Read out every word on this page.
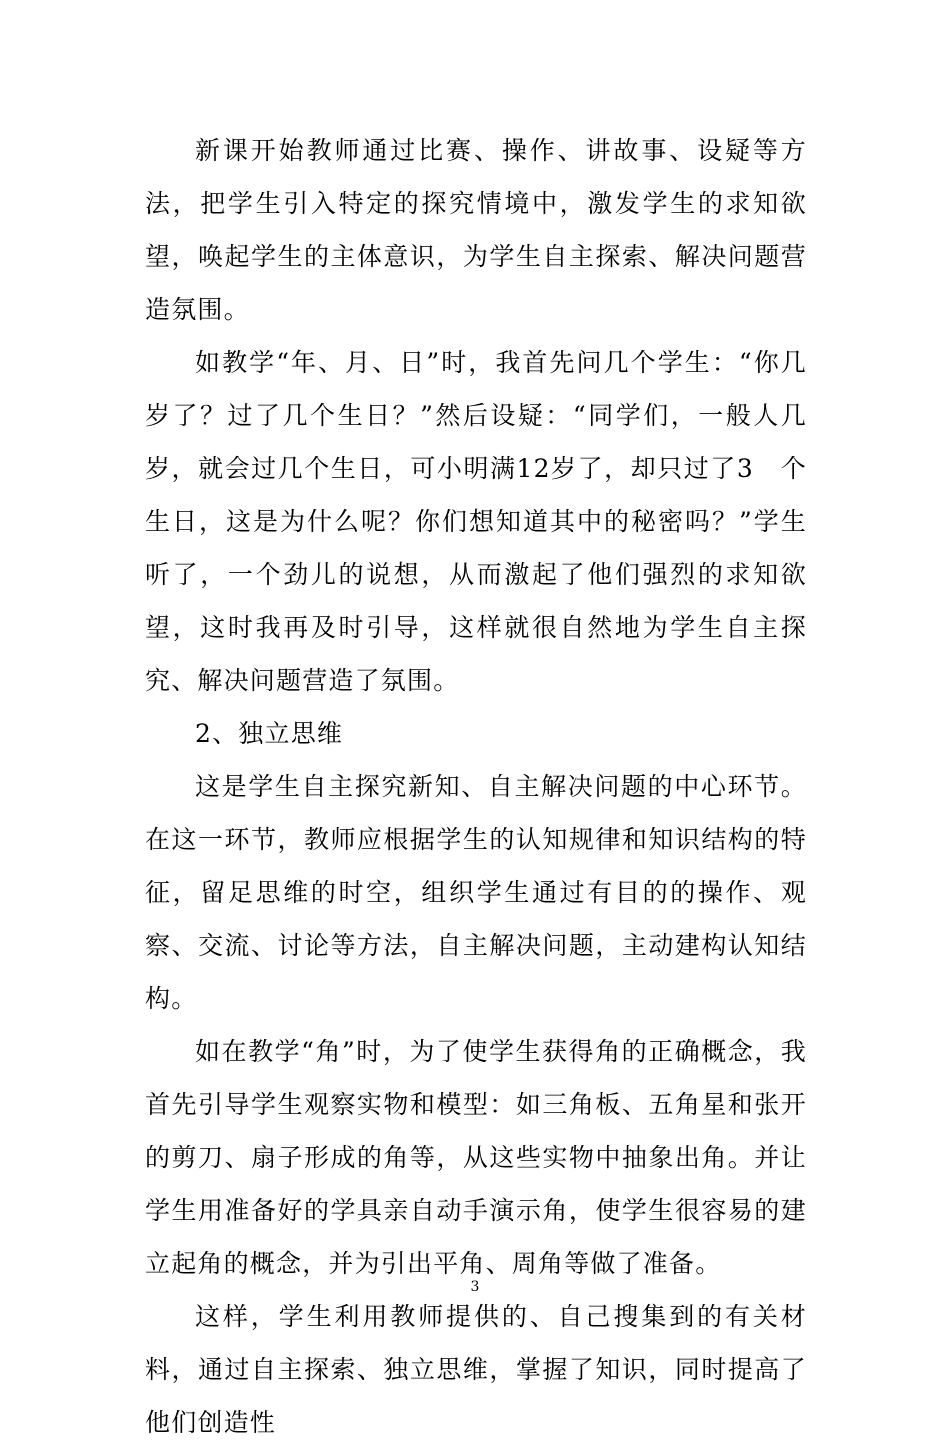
新课开始教师通过比赛、操作、讲故事、设疑等方法，把学生引入特定的探究情境中，激发学生的求知欲望，唤起学生的主体意识，为学生自主探索、解决问题营造氛围。

如教学“年、月、日”时，我首先问几个学生：“你几岁了？过了几个生日？”然后设疑：“同学们，一般人几岁，就会过几个生日，可小明满12岁了，却只过了3　个生日，这是为什么呢？你们想知道其中的秘密吗？”学生听了，一个劲儿的说想，从而激起了他们强烈的求知欲望，这时我再及时引导，这样就很自然地为学生自主探究、解决问题营造了氛围。

2、独立思维

这是学生自主探究新知、自主解决问题的中心环节。在这一环节，教师应根据学生的认知规律和知识结构的特征，留足思维的时空，组织学生通过有目的的操作、观察、交流、讨论等方法，自主解决问题，主动建构认知结构。

如在教学“角”时，为了使学生获得角的正确概念，我首先引导学生观察实物和模型：如三角板、五角星和张开的剪刀、扇子形成的角等，从这些实物中抽象出角。并让学生用准备好的学具亲自动手演示角，使学生很容易的建立起角的概念，并为引出平角、周角等做了准备。

这样，学生利用教师提供的、自己搜集到的有关材料，通过自主探索、独立思维，掌握了知识，同时提高了他们创造性

3
